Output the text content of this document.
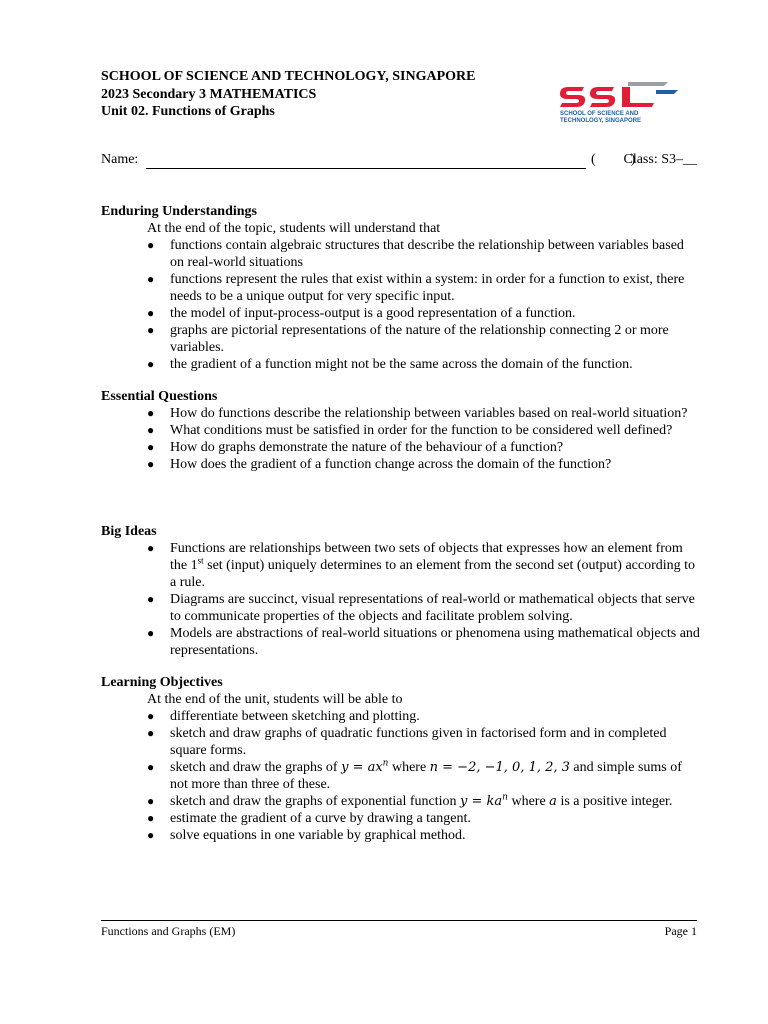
SCHOOL OF SCIENCE AND TECHNOLOGY, SINGAPORE
2023 Secondary 3 MATHEMATICS
Unit 02. Functions of Graphs	SCHOOL OF SCIENCE AND
TECHNOLOGY, SINGAPORE
Name:	(          )
Class: S3–__
Enduring Understandings

At the end of the topic, students will understand that

● functions contain algebraic structures that describe the relationship between variables based on real-world situations
● functions represent the rules that exist within a system: in order for a function to exist, there needs to be a unique output for very specific input.
● the model of input-process-output is a good representation of a function.
● graphs are pictorial representations of the nature of the relationship connecting 2 or more variables.
● the gradient of a function might not be the same across the domain of the function.
Essential Questions
● How do functions describe the relationship between variables based on real-world situation?
● What conditions must be satisfied in order for the function to be considered well defined?
● How do graphs demonstrate the nature of the behaviour of a function?
● How does the gradient of a function change across the domain of the function?
Big Ideas
● Functions are relationships between two sets of objects that expresses how an element from the 1st set (input) uniquely determines to an element from the second set (output) according to a rule.
● Diagrams are succinct, visual representations of real-world or mathematical objects that serve to communicate properties of the objects and facilitate problem solving.
● Models are abstractions of real-world situations or phenomena using mathematical objects and representations.
Learning Objectives

At the end of the unit, students will be able to

● differentiate between sketching and plotting.
● sketch and draw graphs of quadratic functions given in factorised form and in completed square forms.
● sketch and draw the graphs of $y = ax^n$ where n = −2, −1, 0, 1, 2, 3 and simple sums of not more than three of these.
● sketch and draw the graphs of exponential function $y = ka^n$ where a is a positive integer.
● estimate the gradient of a curve by drawing a tangent.
● solve equations in one variable by graphical method.
Functions and Graphs (EM)	Page 1
